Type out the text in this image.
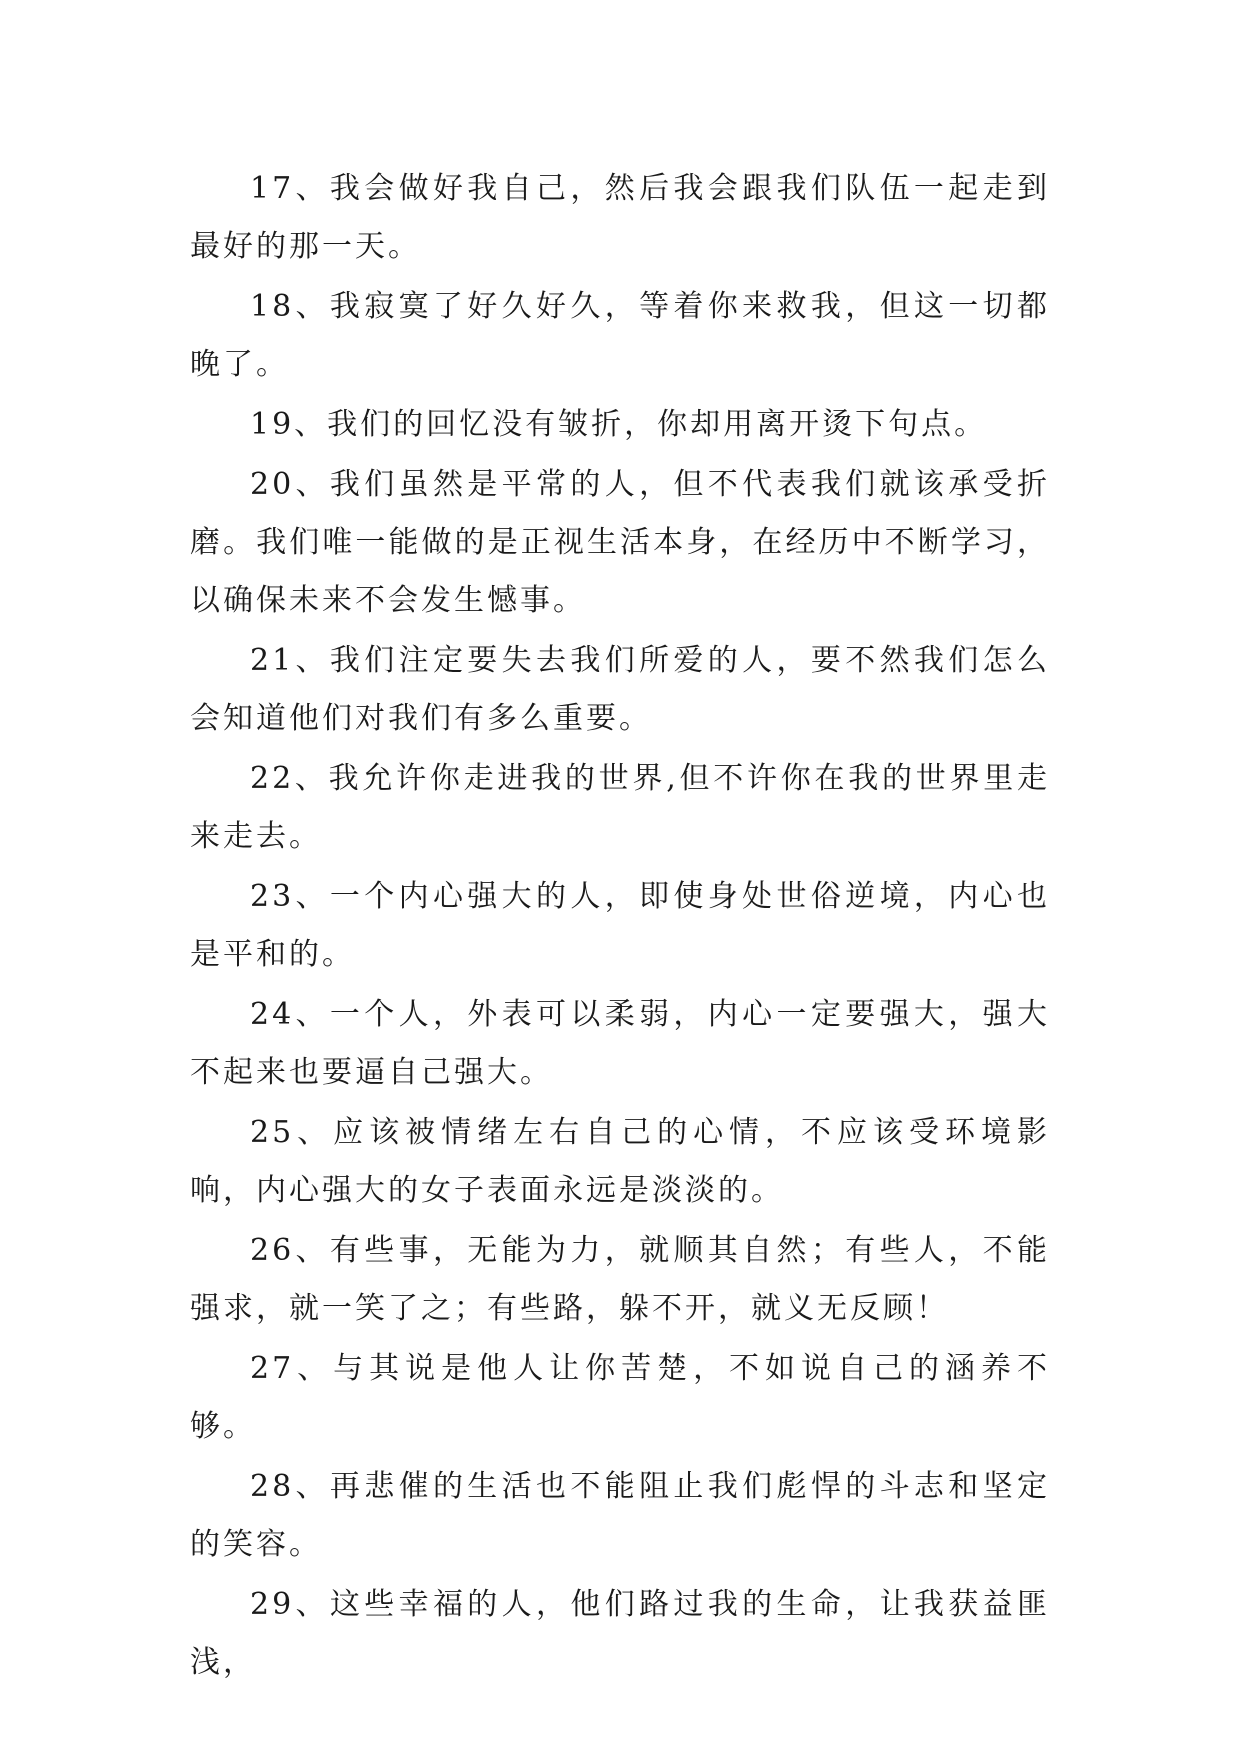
17、我会做好我自己，然后我会跟我们队伍一起走到最好的那一天。

18、我寂寞了好久好久，等着你来救我，但这一切都晚了。

19、我们的回忆没有皱折，你却用离开烫下句点。

20、我们虽然是平常的人，但不代表我们就该承受折磨。我们唯一能做的是正视生活本身，在经历中不断学习，以确保未来不会发生憾事。

21、我们注定要失去我们所爱的人，要不然我们怎么会知道他们对我们有多么重要。

22、我允许你走进我的世界,但不许你在我的世界里走来走去。

23、一个内心强大的人，即使身处世俗逆境，内心也是平和的。

24、一个人，外表可以柔弱，内心一定要强大，强大不起来也要逼自己强大。

25、应该被情绪左右自己的心情，不应该受环境影响，内心强大的女子表面永远是淡淡的。

26、有些事，无能为力，就顺其自然；有些人，不能强求，就一笑了之；有些路，躲不开，就义无反顾！

27、与其说是他人让你苦楚，不如说自己的涵养不够。

28、再悲催的生活也不能阻止我们彪悍的斗志和坚定的笑容。

29、这些幸福的人，他们路过我的生命，让我获益匪浅，
